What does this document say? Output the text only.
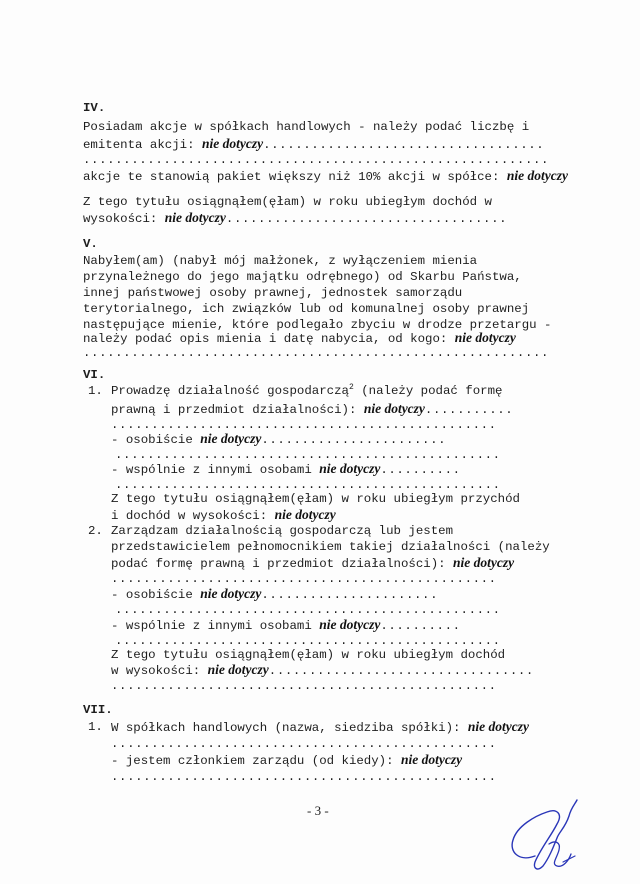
IV.
Posiadam akcje w spółkach handlowych - należy podać liczbę i
emitenta akcji: nie dotyczy...................................
..........................................................
akcje te stanowią pakiet większy niż 10% akcji w spółce: nie dotyczy
Z tego tytułu osiągnąłem(ęłam) w roku ubiegłym dochód w
wysokości: nie dotyczy...................................
V.
Nabyłem(am) (nabył mój małżonek, z wyłączeniem mienia
przynależnego do jego majątku odrębnego) od Skarbu Państwa,
innej państwowej osoby prawnej, jednostek samorządu
terytorialnego, ich związków lub od komunalnej osoby prawnej
następujące mienie, które podlegało zbyciu w drodze przetargu -
należy podać opis mienia i datę nabycia, od kogo: nie dotyczy
..........................................................
VI.
1. Prowadzę działalność gospodarczą$^2$ (należy podać formę
prawną i przedmiot działalności): nie dotyczy...........
................................................
- osobiście nie dotyczy.......................
................................................
- wspólnie z innymi osobami nie dotyczy..........
................................................
Z tego tytułu osiągnąłem(ęłam) w roku ubiegłym przychód
i dochód w wysokości: nie dotyczy
2. Zarządzam działalnością gospodarczą lub jestem
przedstawicielem pełnomocnikiem takiej działalności (należy
podać formę prawną i przedmiot działalności): nie dotyczy
................................................
- osobiście nie dotyczy......................
................................................
- wspólnie z innymi osobami nie dotyczy..........
................................................
Z tego tytułu osiągnąłem(ęłam) w roku ubiegłym dochód
w wysokości: nie dotyczy.................................
................................................
VII.
1. W spółkach handlowych (nazwa, siedziba spółki): nie dotyczy
................................................
- jestem członkiem zarządu (od kiedy): nie dotyczy
................................................
- 3 -
